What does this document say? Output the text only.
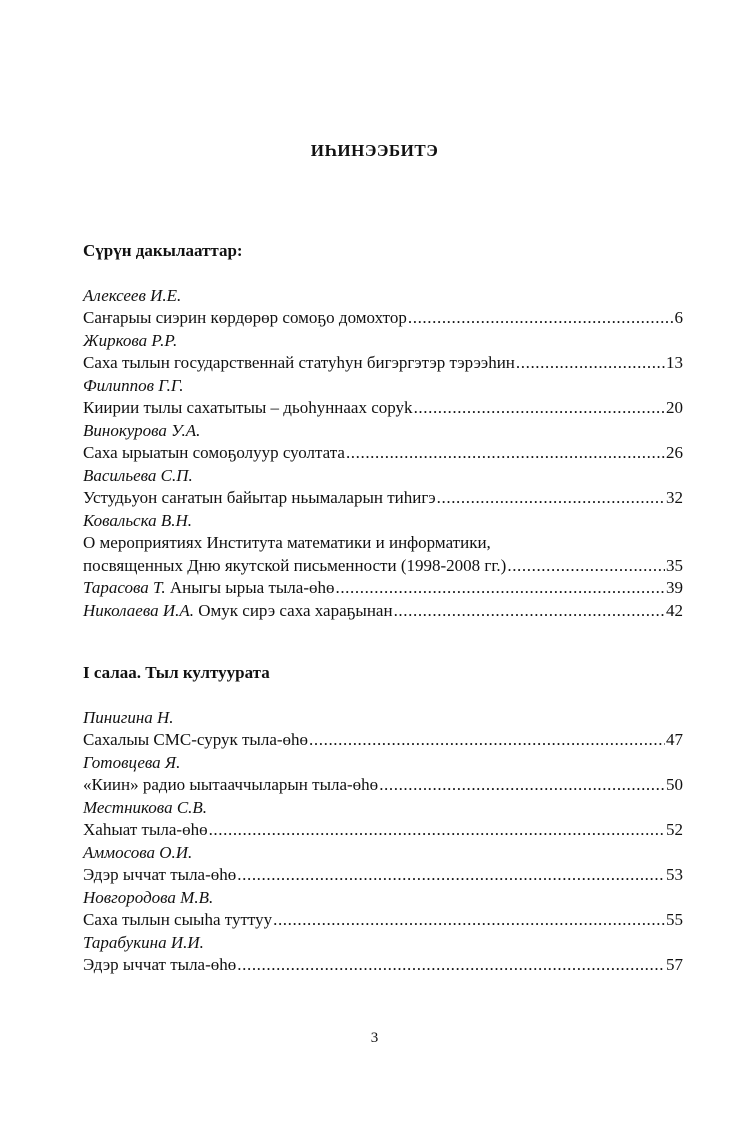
ИҺИНЭЭБИТЭ
Сүрүн дакылааттар:
Алексеев И.Е.
Саҥарыы сиэрин көрдөрөр сомоҕо домохтор .....	6
Жиркова Р.Р.
Саха тылын государственнай статуһун бигэргэтэр тэрээһин .....	13
Филиппов Г.Г.
Киирии тылы сахатытыы – дьоһуннаах соруk .....	20
Винокурова У.А.
Саха ырыатын сомоҕолуур суолтата .....	26
Васильева С.П.
Устудьуон саҥатын байытар ньымаларын тиһигэ .....	32
Ковальска В.Н.
О мероприятиях Института математики и информатики,
посвященных Дню якутской письменности (1998-2008 гг.) .....	35
Тарасова Т. Аныгы ырыа тыла-өһө .....	39
Николаева И.А. Омук сирэ саха хараҕынан .....	42
I салаа. Тыл култуурата
Пинигина Н.
Сахалыы СМС-сурук тыла-өһө .....	47
Готовцева Я.
«Киин» радио ыытааччыларын тыла-өһө .....	50
Местникова С.В.
Хаһыат тыла-өһө .....	52
Аммосова О.И.
Эдэр ыччат тыла-өһө .....	53
Новгородова М.В.
Саха тылын сыыһа туттуу .....	55
Тарабукина И.И.
Эдэр ыччат тыла-өһө .....	57
3
